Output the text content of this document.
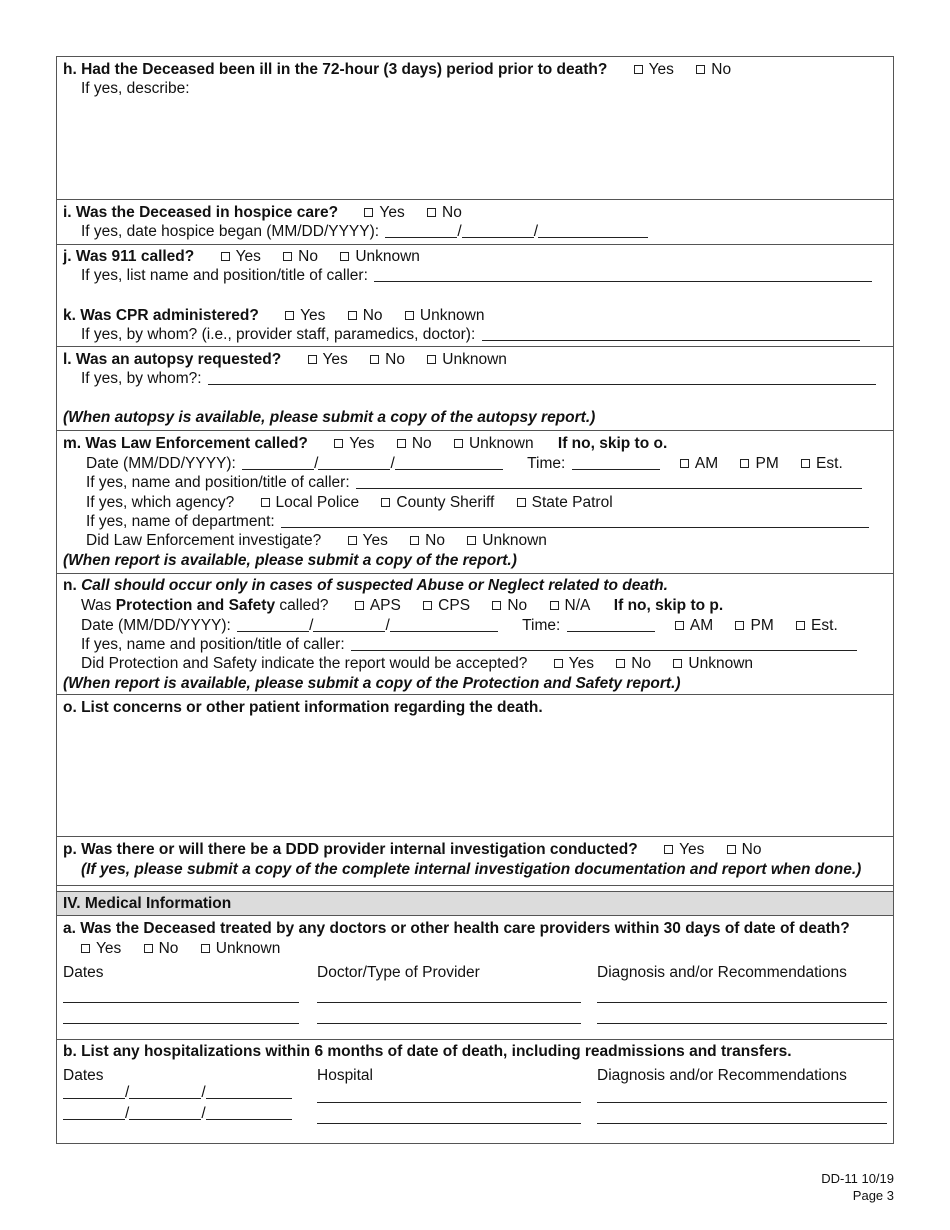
h. Had the Deceased been ill in the 72-hour (3 days) period prior to death?	Yes No
If yes, describe:
i. Was the Deceased in hospice care?	Yes No
If yes, date hospice began (MM/DD/YYYY):	/	/
j. Was 911 called?	Yes No Unknown
If yes, list name and position/title of caller:
k. Was CPR administered?	Yes No Unknown
If yes, by whom? (i.e., provider staff, paramedics, doctor):
l. Was an autopsy requested?	Yes No Unknown
If yes, by whom?:
(When autopsy is available, please submit a copy of the autopsy report.)
m. Was Law Enforcement called?	Yes No Unknown If no, skip to o.
Date (MM/DD/YYYY):	/	/	Time:	AM PM Est.
If yes, name and position/title of caller:
If yes, which agency?	Local Police County Sheriff State Patrol
If yes, name of department:
Did Law Enforcement investigate?	Yes No Unknown
(When report is available, please submit a copy of the report.)
n. Call should occur only in cases of suspected Abuse or Neglect related to death.
Was Protection and Safety called?	APS CPS No N/A If no, skip to p.
Date (MM/DD/YYYY):	/	/	Time:	AM PM Est.
If yes, name and position/title of caller:
Did Protection and Safety indicate the report would be accepted?	Yes No Unknown
(When report is available, please submit a copy of the Protection and Safety report.)
o. List concerns or other patient information regarding the death.
p. Was there or will there be a DDD provider internal investigation conducted?	Yes No
(If yes, please submit a copy of the complete internal investigation documentation and report when done.)
IV. Medical Information
a. Was the Deceased treated by any doctors or other health care providers within 30 days of date of death?
Yes No Unknown
Dates	Doctor/Type of Provider	Diagnosis and/or Recommendations
b. List any hospitalizations within 6 months of date of death, including readmissions and transfers.
Dates	Hospital	Diagnosis and/or Recommendations
/	/
/	/
DD-11 10/19
Page 3
